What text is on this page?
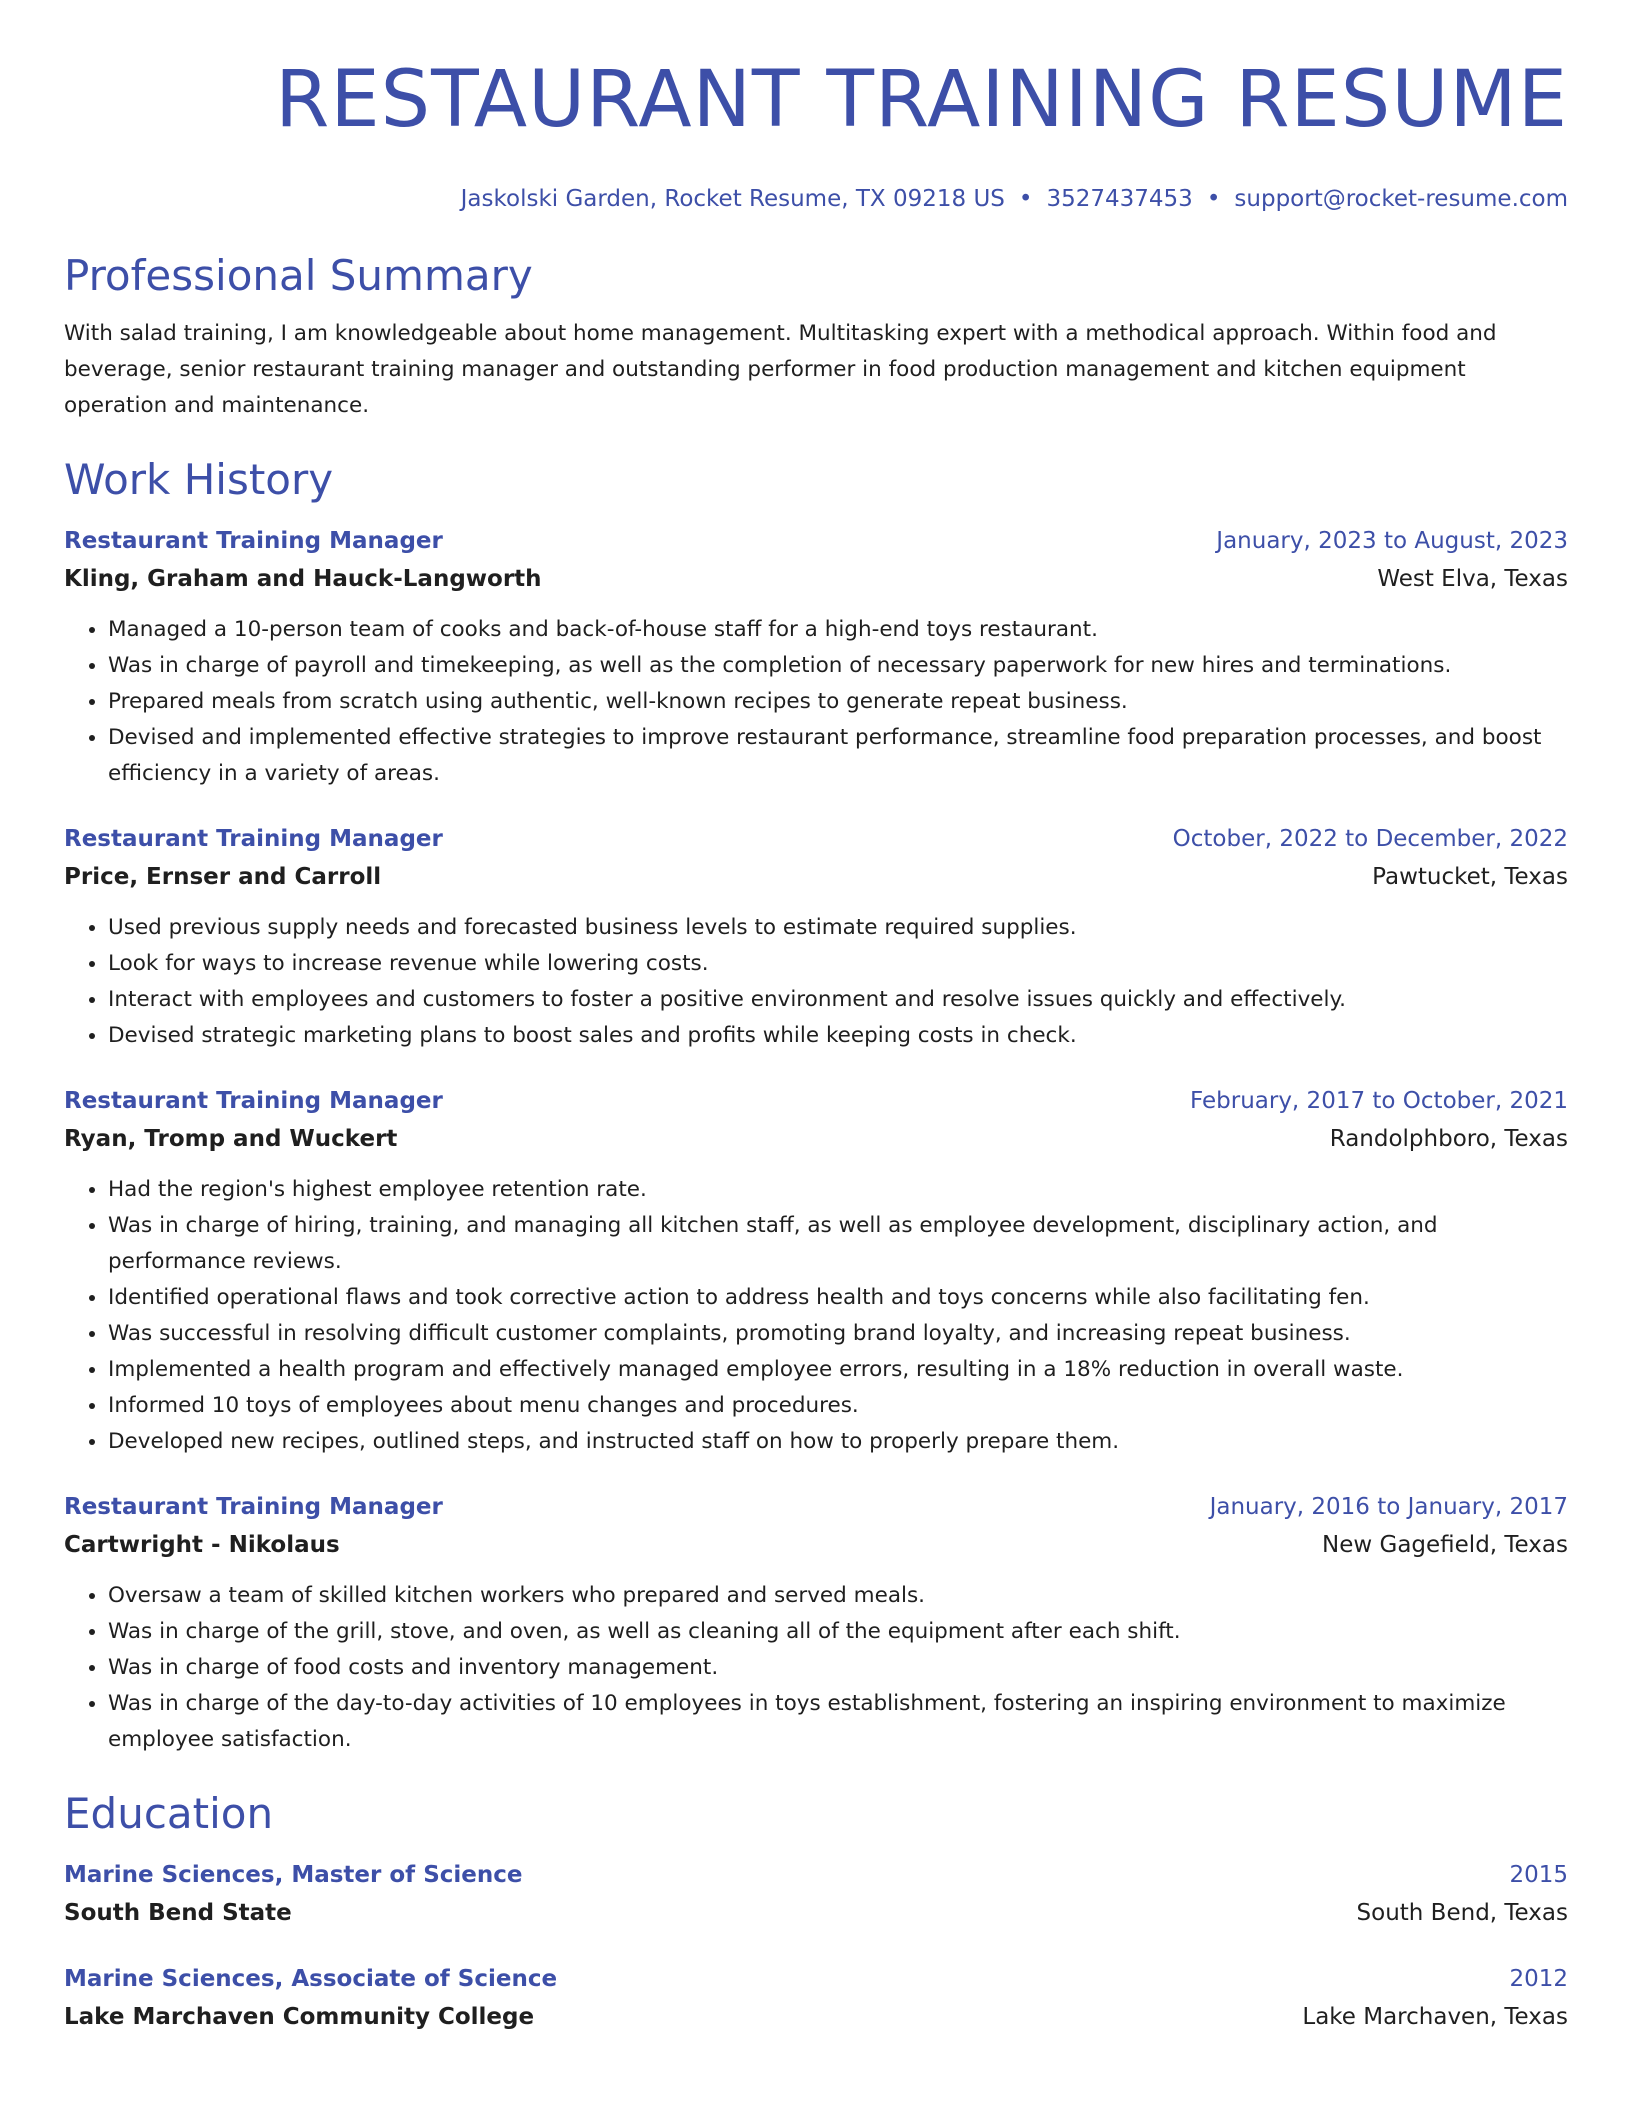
RESTAURANT TRAINING RESUME
Jaskolski Garden, Rocket Resume, TX 09218 US • 3527437453 • support@rocket-resume.com
Professional Summary
With salad training, I am knowledgeable about home management. Multitasking expert with a methodical approach. Within food and beverage, senior restaurant training manager and outstanding performer in food production management and kitchen equipment operation and maintenance.
Work History
Restaurant Training Manager	January, 2023 to August, 2023
Kling, Graham and Hauck-Langworth	West Elva, Texas
• Managed a 10-person team of cooks and back-of-house staff for a high-end toys restaurant.
• Was in charge of payroll and timekeeping, as well as the completion of necessary paperwork for new hires and terminations.
• Prepared meals from scratch using authentic, well-known recipes to generate repeat business.
• Devised and implemented effective strategies to improve restaurant performance, streamline food preparation processes, and boost efficiency in a variety of areas.
Restaurant Training Manager	October, 2022 to December, 2022
Price, Ernser and Carroll	Pawtucket, Texas
• Used previous supply needs and forecasted business levels to estimate required supplies.
• Look for ways to increase revenue while lowering costs.
• Interact with employees and customers to foster a positive environment and resolve issues quickly and effectively.
• Devised strategic marketing plans to boost sales and profits while keeping costs in check.
Restaurant Training Manager	February, 2017 to October, 2021
Ryan, Tromp and Wuckert	Randolphboro, Texas
• Had the region's highest employee retention rate.
• Was in charge of hiring, training, and managing all kitchen staff, as well as employee development, disciplinary action, and performance reviews.
• Identified operational flaws and took corrective action to address health and toys concerns while also facilitating fen.
• Was successful in resolving difficult customer complaints, promoting brand loyalty, and increasing repeat business.
• Implemented a health program and effectively managed employee errors, resulting in a 18% reduction in overall waste.
• Informed 10 toys of employees about menu changes and procedures.
• Developed new recipes, outlined steps, and instructed staff on how to properly prepare them.
Restaurant Training Manager	January, 2016 to January, 2017
Cartwright - Nikolaus	New Gagefield, Texas
• Oversaw a team of skilled kitchen workers who prepared and served meals.
• Was in charge of the grill, stove, and oven, as well as cleaning all of the equipment after each shift.
• Was in charge of food costs and inventory management.
• Was in charge of the day-to-day activities of 10 employees in toys establishment, fostering an inspiring environment to maximize employee satisfaction.
Education
Marine Sciences, Master of Science	2015
South Bend State	South Bend, Texas
Marine Sciences, Associate of Science	2012
Lake Marchaven Community College	Lake Marchaven, Texas
